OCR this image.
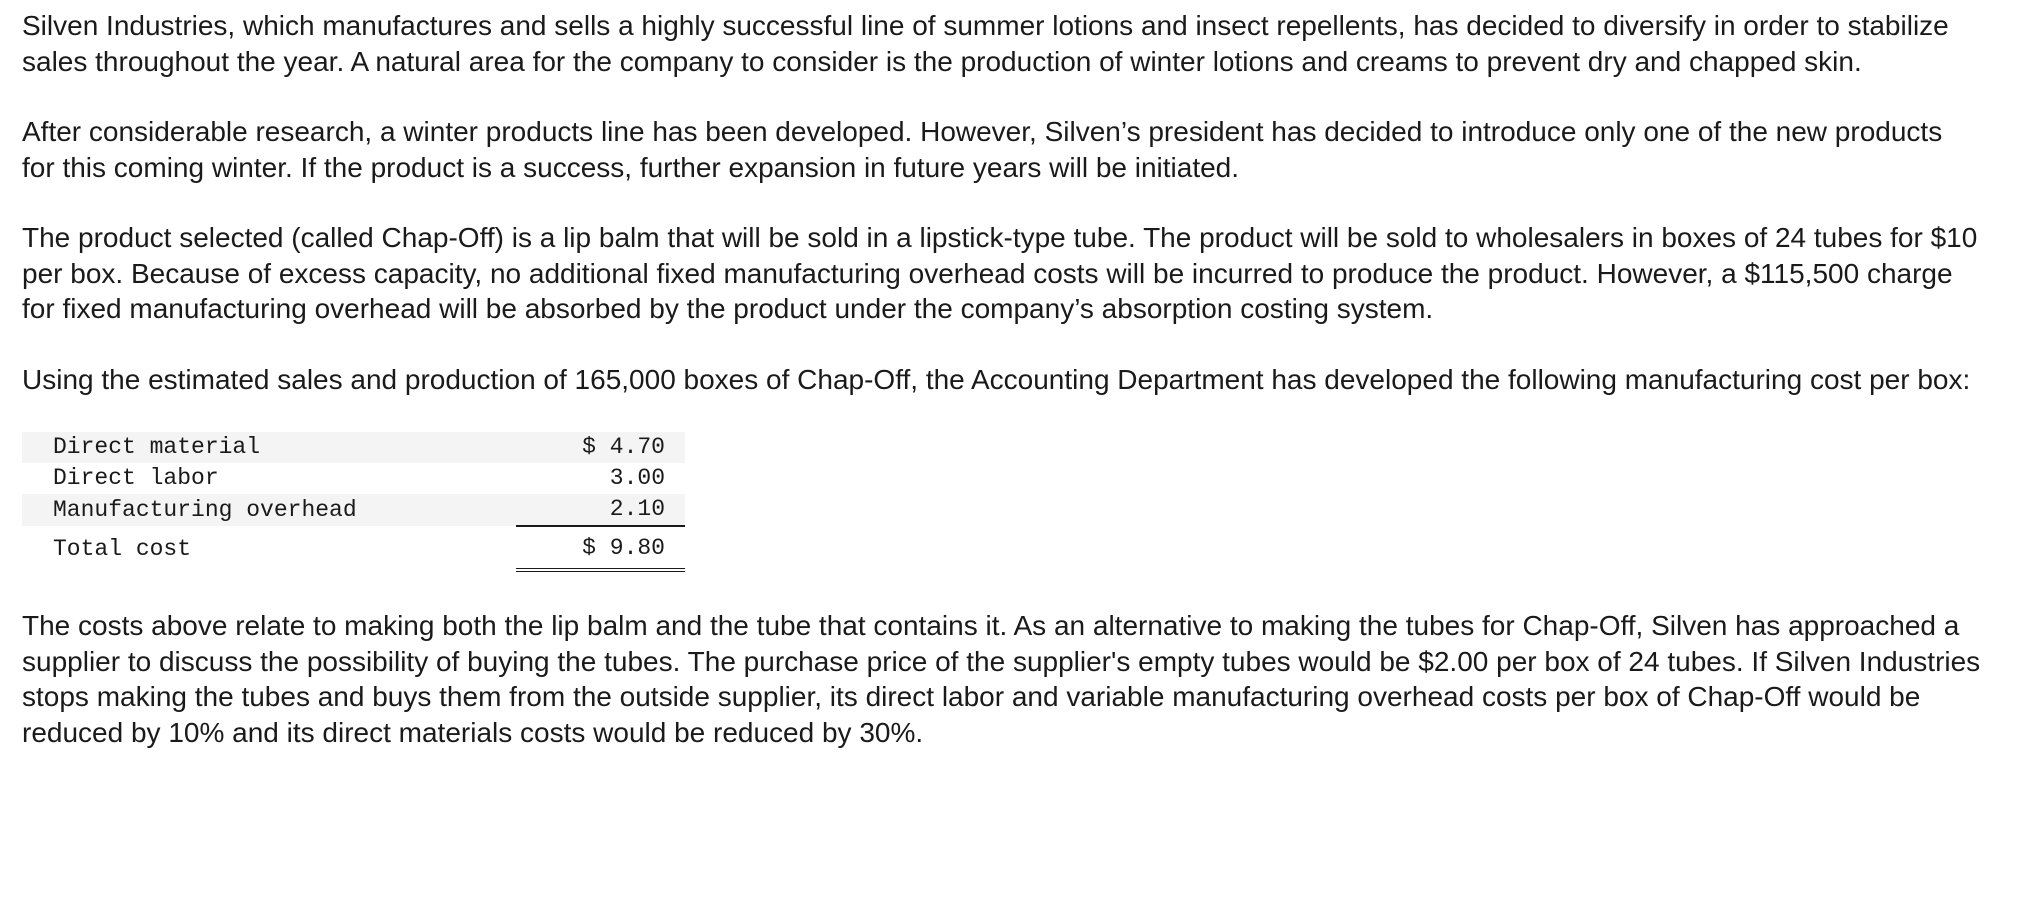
Silven Industries, which manufactures and sells a highly successful line of summer lotions and insect repellents, has decided to diversify in order to stabilize sales throughout the year. A natural area for the company to consider is the production of winter lotions and creams to prevent dry and chapped skin.

After considerable research, a winter products line has been developed. However, Silven’s president has decided to introduce only one of the new products for this coming winter. If the product is a success, further expansion in future years will be initiated.

The product selected (called Chap-Off) is a lip balm that will be sold in a lipstick-type tube. The product will be sold to wholesalers in boxes of 24 tubes for $10 per box. Because of excess capacity, no additional fixed manufacturing overhead costs will be incurred to produce the product. However, a $115,500 charge for fixed manufacturing overhead will be absorbed by the product under the company’s absorption costing system.

Using the estimated sales and production of 165,000 boxes of Chap-Off, the Accounting Department has developed the following manufacturing cost per box:

Direct material	$ 4.70
Direct labor	3.00
Manufacturing overhead	2.10
Total cost	$ 9.80

The costs above relate to making both the lip balm and the tube that contains it. As an alternative to making the tubes for Chap-Off, Silven has approached a supplier to discuss the possibility of buying the tubes. The purchase price of the supplier's empty tubes would be $2.00 per box of 24 tubes. If Silven Industries stops making the tubes and buys them from the outside supplier, its direct labor and variable manufacturing overhead costs per box of Chap-Off would be reduced by 10% and its direct materials costs would be reduced by 30%.
